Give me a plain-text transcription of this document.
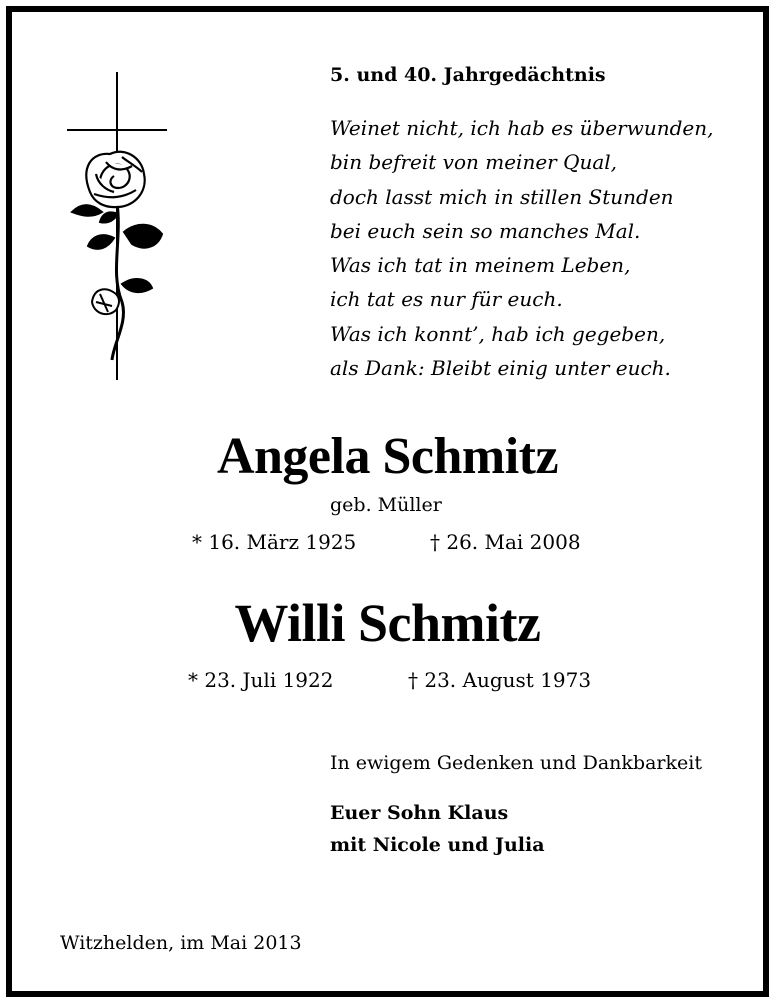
5. und 40. Jahrgedächtnis
Weinet nicht, ich hab es überwunden,
bin befreit von meiner Qual,
doch lasst mich in stillen Stunden
bei euch sein so manches Mal.
Was ich tat in meinem Leben,
ich tat es nur für euch.
Was ich konnt’, hab ich gegeben,
als Dank: Bleibt einig unter euch.
Angela Schmitz
geb. Müller
* 16. März 1925	† 26. Mai 2008
Willi Schmitz
* 23. Juli 1922	† 23. August 1973
In ewigem Gedenken und Dankbarkeit
Euer Sohn Klaus
mit Nicole und Julia
Witzhelden, im Mai 2013
